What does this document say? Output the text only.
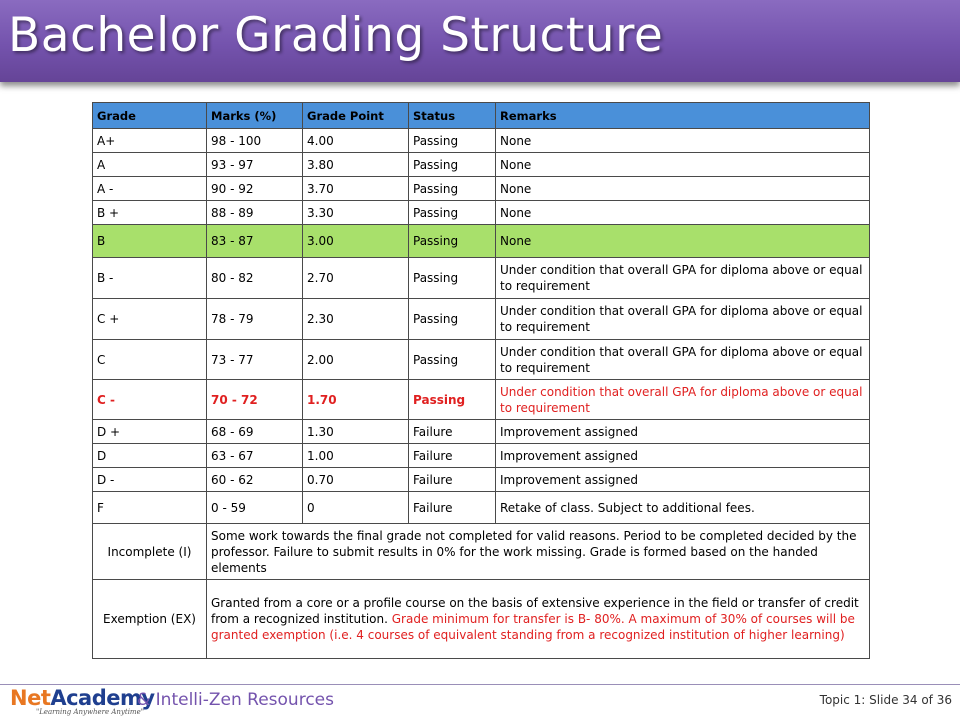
Bachelor Grading Structure
Grade	Marks (%)	Grade Point	Status	Remarks
A+	98 - 100	4.00	Passing	None
A	93 - 97	3.80	Passing	None
A -	90 - 92	3.70	Passing	None
B +	88 - 89	3.30	Passing	None
B	83 - 87	3.00	Passing	None
B -	80 - 82	2.70	Passing	Under condition that overall GPA for diploma above or equal to requirement
C +	78 - 79	2.30	Passing	Under condition that overall GPA for diploma above or equal to requirement
C	73 - 77	2.00	Passing	Under condition that overall GPA for diploma above or equal to requirement
C -	70 - 72	1.70	Passing	Under condition that overall GPA for diploma above or equal to requirement
D +	68 - 69	1.30	Failure	Improvement assigned
D	63 - 67	1.00	Failure	Improvement assigned
D -	60 - 62	0.70	Failure	Improvement assigned
F	0 - 59	0	Failure	Retake of class. Subject to additional fees.
Incomplete (I)	Some work towards the final grade not completed for valid reasons. Period to be completed decided by the professor. Failure to submit results in 0% for the work missing. Grade is formed based on the handed elements			
Exemption (EX)	Granted from a core or a profile course on the basis of extensive experience in the field or transfer of credit from a recognized institution. Grade minimum for transfer is B- 80%. A maximum of 30% of courses will be granted exemption (i.e. 4 courses of equivalent standing from a recognized institution of higher learning)			
NetAcademy
"Learning Anywhere Anytime"
& Intelli-Zen Resources	Topic 1: Slide 34 of 36
